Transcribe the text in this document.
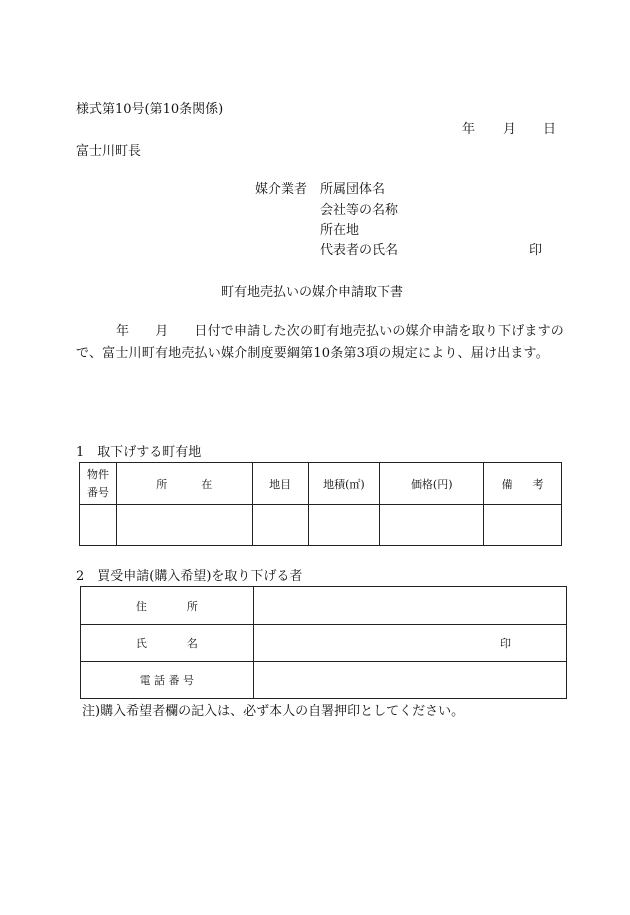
様式第10号(第10条関係)
年 月 日
富士川町長
媒介業者 所属団体名
会社等の名称
所在地
代表者の氏名	印
町有地売払いの媒介申請取下書
年 月 日付で申請した次の町有地売払いの媒介申請を取り下げますので、富士川町有地売払い媒介制度要綱第10条第3項の規定により、届け出ます。
1　取下げする町有地
物件
番号	所 在	地目	地積(㎡)	価格(円)	備 考

2　買受申請(購入希望)を取り下げる者
住 所	
氏 名	印
電 話 番 号	
注)購入希望者欄の記入は、必ず本人の自署押印としてください。
